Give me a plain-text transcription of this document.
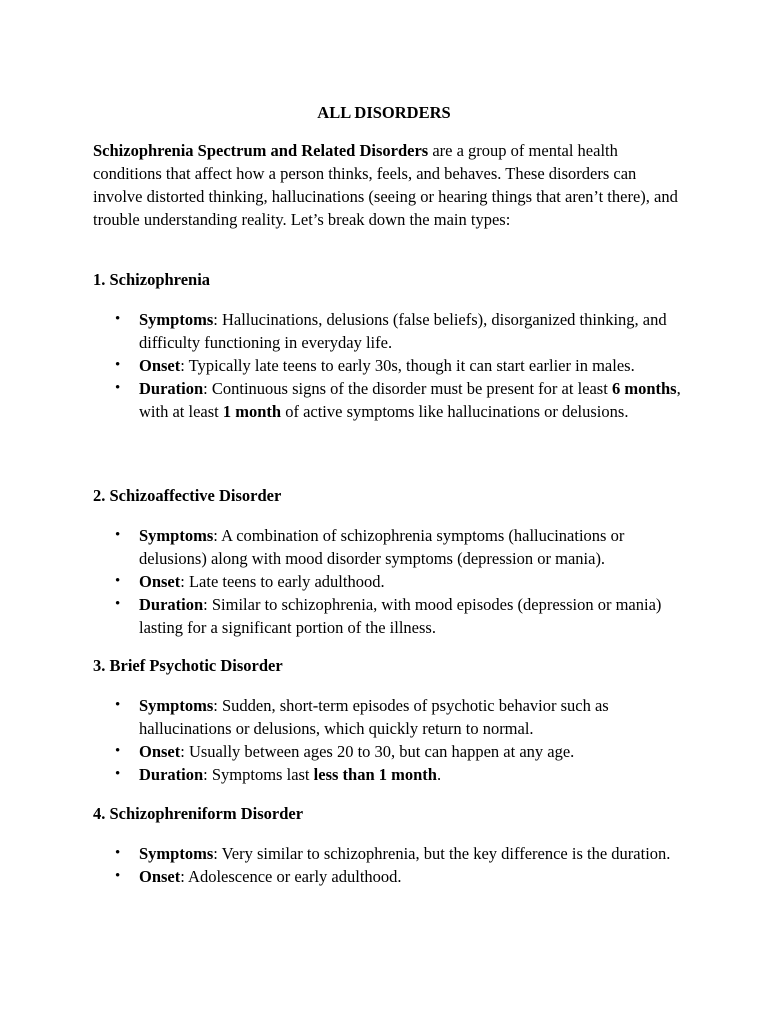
ALL DISORDERS

Schizophrenia Spectrum and Related Disorders are a group of mental health conditions that affect how a person thinks, feels, and behaves. These disorders can involve distorted thinking, hallucinations (seeing or hearing things that aren’t there), and trouble understanding reality. Let’s break down the main types:

1. Schizophrenia
• Symptoms: Hallucinations, delusions (false beliefs), disorganized thinking, and difficulty functioning in everyday life.
• Onset: Typically late teens to early 30s, though it can start earlier in males.
• Duration: Continuous signs of the disorder must be present for at least 6 months, with at least 1 month of active symptoms like hallucinations or delusions.
2. Schizoaffective Disorder
• Symptoms: A combination of schizophrenia symptoms (hallucinations or delusions) along with mood disorder symptoms (depression or mania).
• Onset: Late teens to early adulthood.
• Duration: Similar to schizophrenia, with mood episodes (depression or mania) lasting for a significant portion of the illness.
3. Brief Psychotic Disorder
• Symptoms: Sudden, short-term episodes of psychotic behavior such as hallucinations or delusions, which quickly return to normal.
• Onset: Usually between ages 20 to 30, but can happen at any age.
• Duration: Symptoms last less than 1 month.
4. Schizophreniform Disorder
• Symptoms: Very similar to schizophrenia, but the key difference is the duration.
• Onset: Adolescence or early adulthood.
